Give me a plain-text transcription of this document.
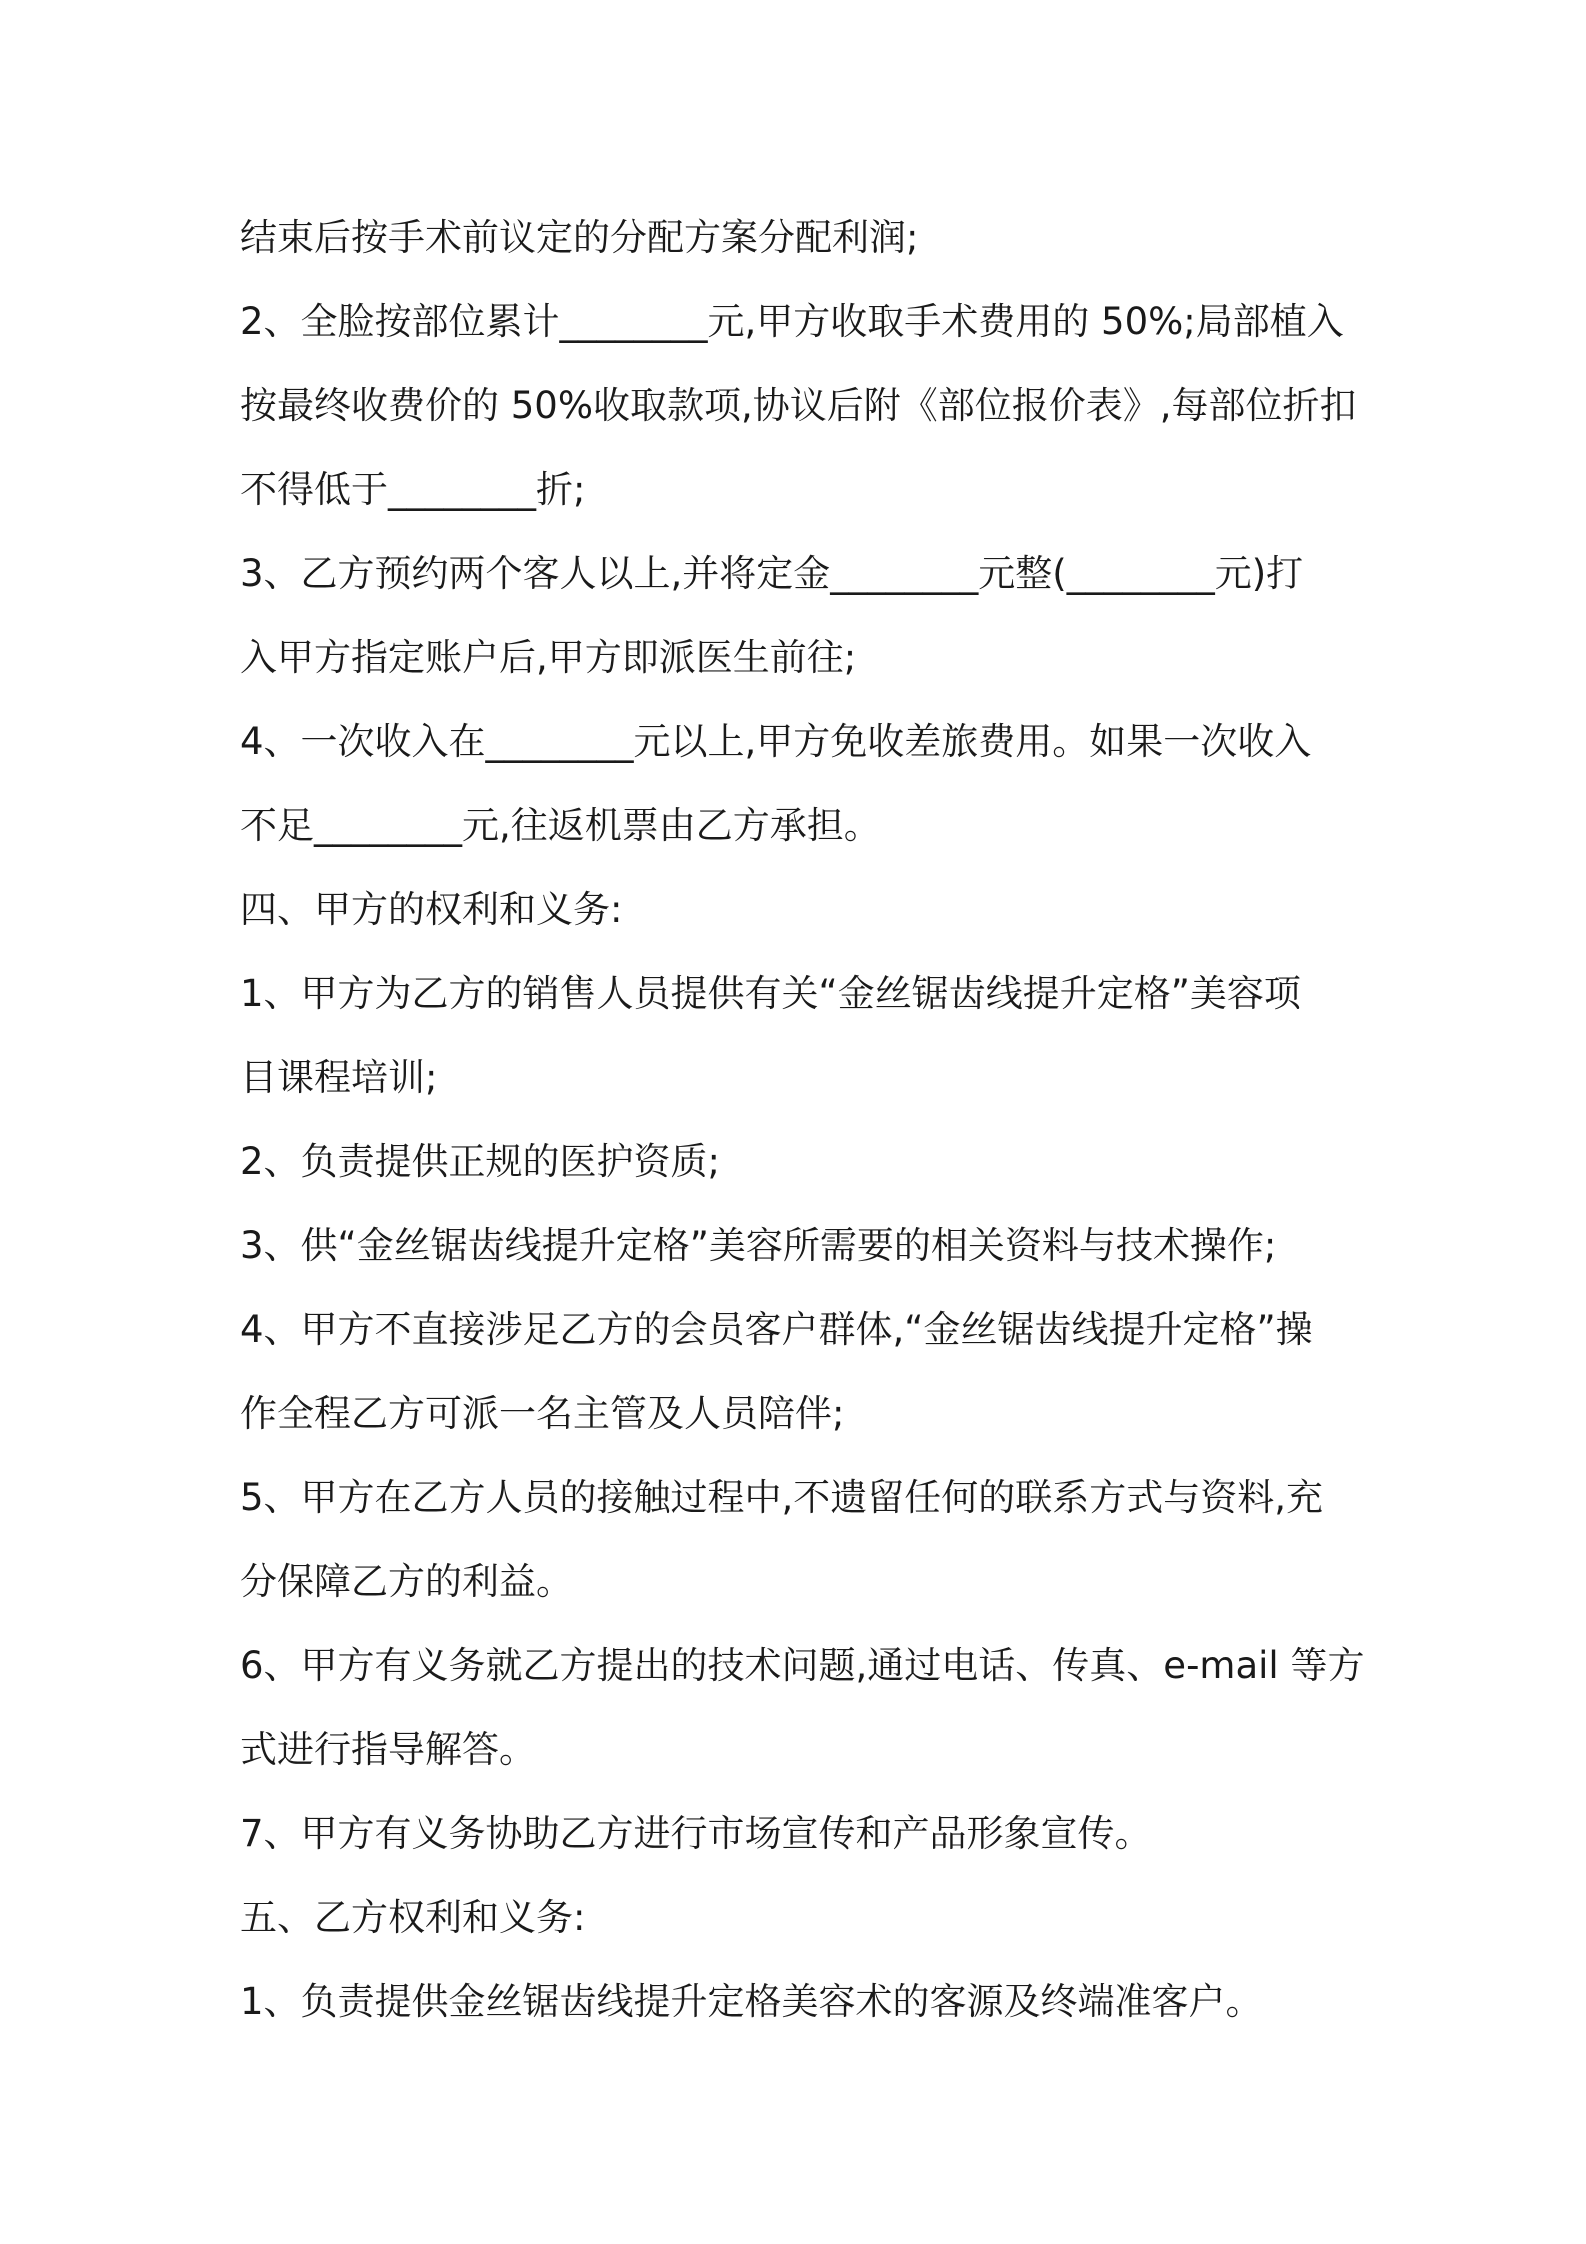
结束后按手术前议定的分配方案分配利润;
2、全脸按部位累计________元,甲方收取手术费用的 50%;局部植入
按最终收费价的 50%收取款项,协议后附《部位报价表》,每部位折扣
不得低于________折;
3、乙方预约两个客人以上,并将定金________元整(________元)打
入甲方指定账户后,甲方即派医生前往;
4、一次收入在________元以上,甲方免收差旅费用。如果一次收入
不足________元,往返机票由乙方承担。
四、甲方的权利和义务:
1、甲方为乙方的销售人员提供有关“金丝锯齿线提升定格”美容项
目课程培训;
2、负责提供正规的医护资质;
3、供“金丝锯齿线提升定格”美容所需要的相关资料与技术操作;
4、甲方不直接涉足乙方的会员客户群体,“金丝锯齿线提升定格”操
作全程乙方可派一名主管及人员陪伴;
5、甲方在乙方人员的接触过程中,不遗留任何的联系方式与资料,充
分保障乙方的利益。
6、甲方有义务就乙方提出的技术问题,通过电话、传真、e-mail 等方
式进行指导解答。
7、甲方有义务协助乙方进行市场宣传和产品形象宣传。
五、乙方权利和义务:
1、负责提供金丝锯齿线提升定格美容术的客源及终端准客户。
